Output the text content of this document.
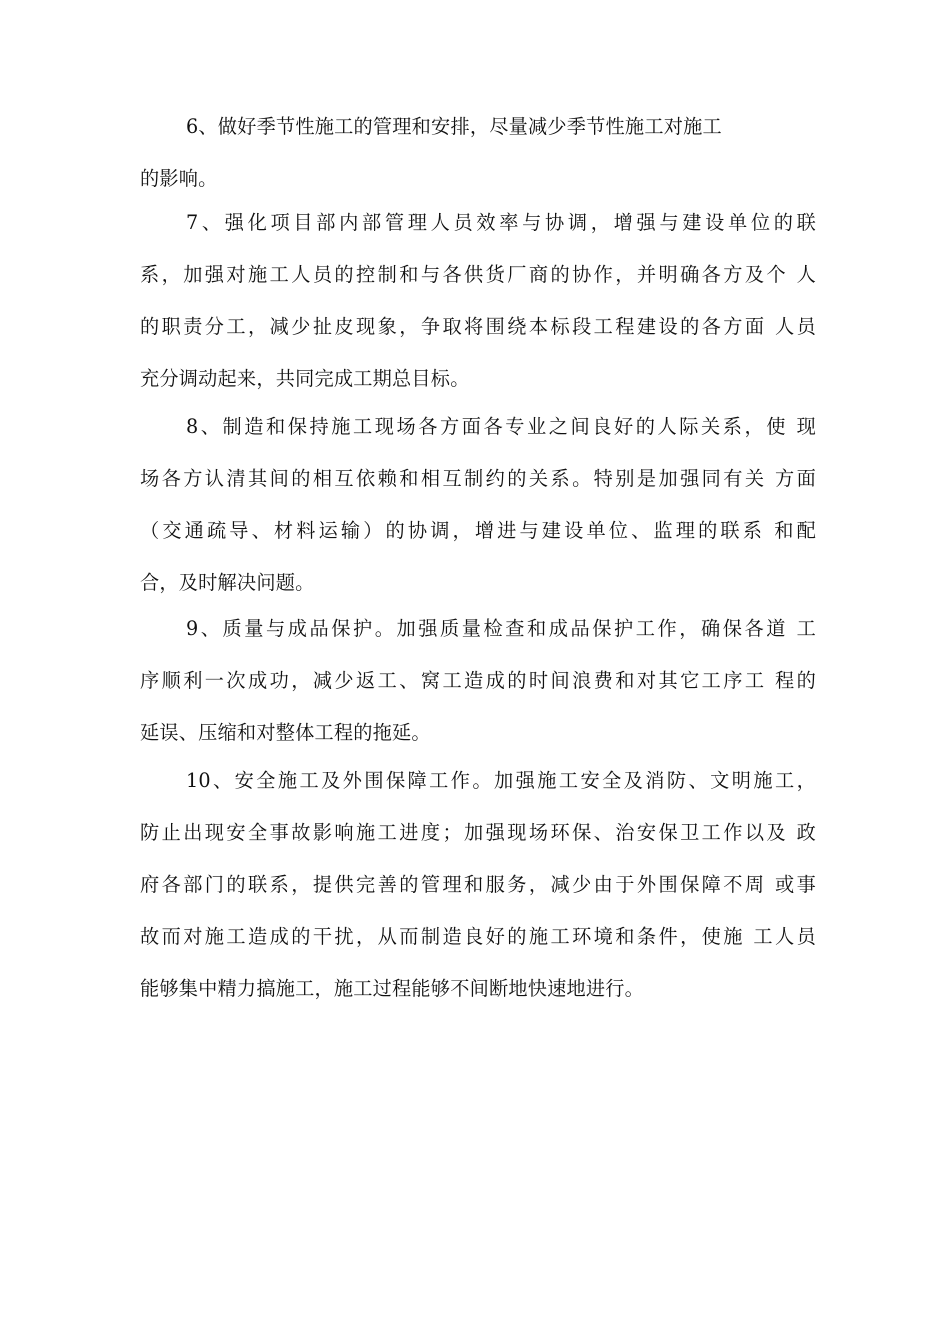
6、做好季节性施工的管理和安排，尽量减少季节性施工对施工
的影响。
7、强化项目部内部管理人员效率与协调，增强与建设单位的联
系，加强对施工人员的控制和与各供货厂商的协作，并明确各方及个 人
的职责分工，减少扯皮现象，争取将围绕本标段工程建设的各方面 人员
充分调动起来，共同完成工期总目标。
8、制造和保持施工现场各方面各专业之间良好的人际关系，使 现
场各方认清其间的相互依赖和相互制约的关系。特别是加强同有关 方面
（交通疏导、材料运输）的协调，增进与建设单位、监理的联系 和配
合，及时解决问题。
9、质量与成品保护。加强质量检查和成品保护工作，确保各道 工
序顺利一次成功，减少返工、窝工造成的时间浪费和对其它工序工 程的
延误、压缩和对整体工程的拖延。
10、安全施工及外围保障工作。加强施工安全及消防、文明施工，
防止出现安全事故影响施工进度；加强现场环保、治安保卫工作以及 政
府各部门的联系，提供完善的管理和服务，减少由于外围保障不周 或事
故而对施工造成的干扰，从而制造良好的施工环境和条件，使施 工人员
能够集中精力搞施工，施工过程能够不间断地快速地进行。
